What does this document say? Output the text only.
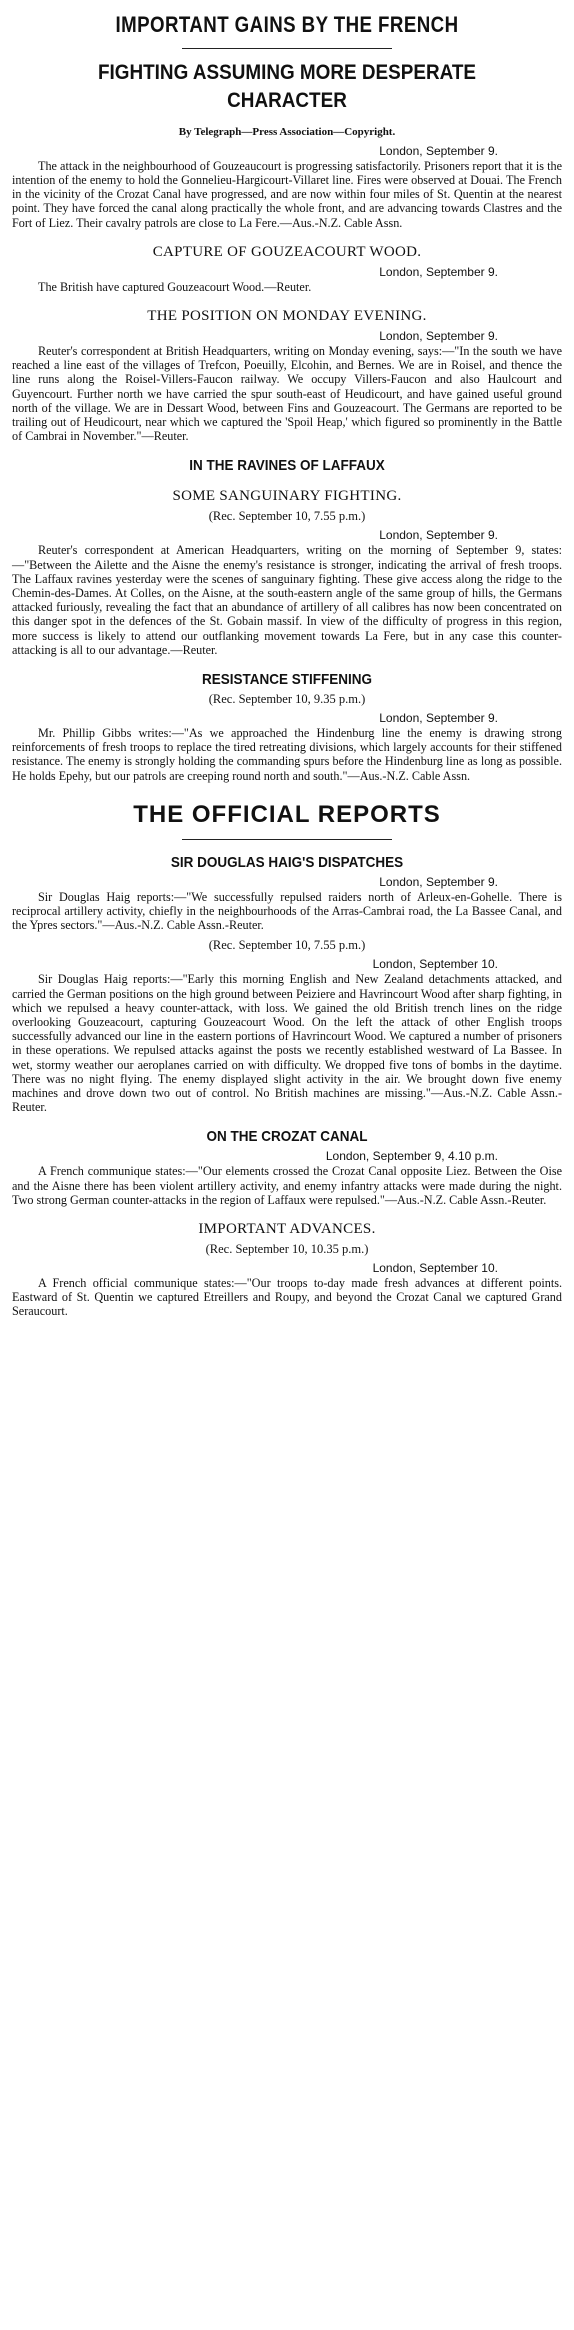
IMPORTANT GAINS BY THE FRENCH
FIGHTING ASSUMING MORE DESPERATE CHARACTER
By Telegraph—Press Association—Copyright.
London, September 9.

The attack in the neighbourhood of Gouzeaucourt is progressing satisfactorily. Prisoners report that it is the intention of the enemy to hold the Gonnelieu-Hargicourt-Villaret line. Fires were observed at Douai. The French in the vicinity of the Crozat Canal have progressed, and are now within four miles of St. Quentin at the nearest point. They have forced the canal along practically the whole front, and are advancing towards Clastres and the Fort of Liez. Their cavalry patrols are close to La Fere.—Aus.-N.Z. Cable Assn.

CAPTURE OF GOUZEACOURT WOOD.
London, September 9.

The British have captured Gouzeacourt Wood.—Reuter.

THE POSITION ON MONDAY EVENING.
London, September 9.

Reuter's correspondent at British Headquarters, writing on Monday evening, says:—"In the south we have reached a line east of the villages of Trefcon, Poeuilly, Elcohin, and Bernes. We are in Roisel, and thence the line runs along the Roisel-Villers-Faucon railway. We occupy Villers-Faucon and also Haulcourt and Guyencourt. Further north we have carried the spur south-east of Heudicourt, and have gained useful ground north of the village. We are in Dessart Wood, between Fins and Gouzeacourt. The Germans are reported to be trailing out of Heudicourt, near which we captured the 'Spoil Heap,' which figured so prominently in the Battle of Cambrai in November."—Reuter.

IN THE RAVINES OF LAFFAUX
SOME SANGUINARY FIGHTING.
(Rec. September 10, 7.55 p.m.)
London, September 9.

Reuter's correspondent at American Headquarters, writing on the morning of September 9, states:—"Between the Ailette and the Aisne the enemy's resistance is stronger, indicating the arrival of fresh troops. The Laffaux ravines yesterday were the scenes of sanguinary fighting. These give access along the ridge to the Chemin-des-Dames. At Colles, on the Aisne, at the south-eastern angle of the same group of hills, the Germans attacked furiously, revealing the fact that an abundance of artillery of all calibres has now been concentrated on this danger spot in the defences of the St. Gobain massif. In view of the difficulty of progress in this region, more success is likely to attend our outflanking movement towards La Fere, but in any case this counter-attacking is all to our advantage.—Reuter.

RESISTANCE STIFFENING
(Rec. September 10, 9.35 p.m.)
London, September 9.

Mr. Phillip Gibbs writes:—"As we approached the Hindenburg line the enemy is drawing strong reinforcements of fresh troops to replace the tired retreating divisions, which largely accounts for their stiffened resistance. The enemy is strongly holding the commanding spurs before the Hindenburg line as long as possible. He holds Epehy, but our patrols are creeping round north and south."—Aus.-N.Z. Cable Assn.

THE OFFICIAL REPORTS
SIR DOUGLAS HAIG'S DISPATCHES
London, September 9.

Sir Douglas Haig reports:—"We successfully repulsed raiders north of Arleux-en-Gohelle. There is reciprocal artillery activity, chiefly in the neighbourhoods of the Arras-Cambrai road, the La Bassee Canal, and the Ypres sectors."—Aus.-N.Z. Cable Assn.-Reuter.

(Rec. September 10, 7.55 p.m.)
London, September 10.

Sir Douglas Haig reports:—"Early this morning English and New Zealand detachments attacked, and carried the German positions on the high ground between Peiziere and Havrincourt Wood after sharp fighting, in which we repulsed a heavy counter-attack, with loss. We gained the old British trench lines on the ridge overlooking Gouzeacourt, capturing Gouzeacourt Wood. On the left the attack of other English troops successfully advanced our line in the eastern portions of Havrincourt Wood. We captured a number of prisoners in these operations. We repulsed attacks against the posts we recently established westward of La Bassee. In wet, stormy weather our aeroplanes carried on with difficulty. We dropped five tons of bombs in the daytime. There was no night flying. The enemy displayed slight activity in the air. We brought down five enemy machines and drove down two out of control. No British machines are missing."—Aus.-N.Z. Cable Assn.-Reuter.

ON THE CROZAT CANAL
London, September 9, 4.10 p.m.

A French communique states:—"Our elements crossed the Crozat Canal opposite Liez. Between the Oise and the Aisne there has been violent artillery activity, and enemy infantry attacks were made during the night. Two strong German counter-attacks in the region of Laffaux were repulsed."—Aus.-N.Z. Cable Assn.-Reuter.

IMPORTANT ADVANCES.
(Rec. September 10, 10.35 p.m.)
London, September 10.

A French official communique states:—"Our troops to-day made fresh advances at different points. Eastward of St. Quentin we captured Etreillers and Roupy, and beyond the Crozat Canal we captured Grand Seraucourt.
